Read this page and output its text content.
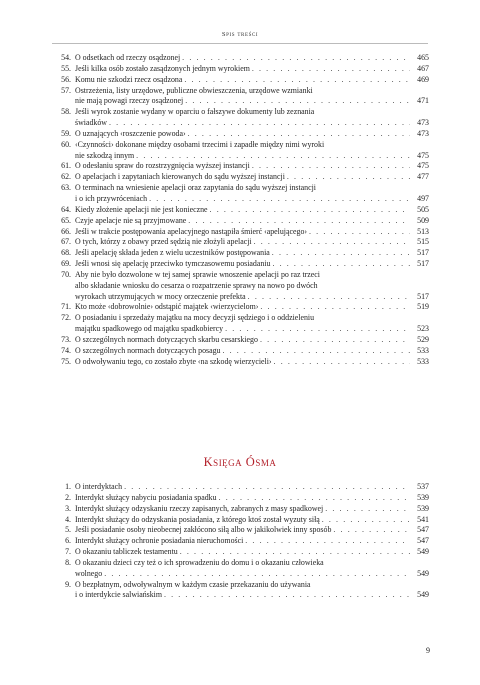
Spis treści
54. O odsetkach od rzeczy osądzonej . . .	465
55. Jeśli kilka osób zostało zasądzonych jednym wyrokiem . . .	467
56. Komu nie szkodzi rzecz osądzona . . .	469
57. Ostrzeżenia, listy urzędowe, publiczne obwieszczenia, urzędowe wzmianki
nie mają powagi rzeczy osądzonej . . .	471
58. Jeśli wyrok zostanie wydany w oparciu o fałszywe dokumenty lub zeznania
świadków . . .	473
59. O uznających ‹roszczenie powoda› . . .	473
60. ‹Czynności› dokonane między osobami trzecimi i zapadłe między nimi wyroki
nie szkodzą innym . . .	475
61. O odesłaniu spraw do rozstrzygnięcia wyższej instancji . . .	475
62. O apelacjach i zapytaniach kierowanych do sądu wyższej instancji . . .	477
63. O terminach na wniesienie apelacji oraz zapytania do sądu wyższej instancji
i o ich przywróceniach . . .	497
64. Kiedy złożenie apelacji nie jest konieczne . . .	505
65. Czyje apelacje nie są przyjmowane . . .	509
66. Jeśli w trakcie postępowania apelacyjnego nastąpiła śmierć ‹apelującego› . . .	513
67. O tych, którzy z obawy przed sędzią nie złożyli apelacji . . .	515
68. Jeśli apelację składa jeden z wielu uczestników postępowania . . .	517
69. Jeśli wnosi się apelację przeciwko tymczasowemu posiadaniu . . .	517
70. Aby nie było dozwolone w tej samej sprawie wnoszenie apelacji po raz trzeci
albo składanie wniosku do cesarza o rozpatrzenie sprawy na nowo po dwóch
wyrokach utrzymujących w mocy orzeczenie prefekta . . .	517
71. Kto może ‹dobrowolnie› odstąpić majątek ‹wierzycielom› . . .	519
72. O posiadaniu i sprzedaży majątku na mocy decyzji sędziego i o oddzieleniu
majątku spadkowego od majątku spadkobiercy . . .	523
73. O szczególnych normach dotyczących skarbu cesarskiego . . .	529
74. O szczególnych normach dotyczących posagu . . .	533
75. O odwoływaniu tego, co zostało zbyte ‹na szkodę wierzycieli› . . .	533
Księga Ósma
1. O interdyktach . . .	537
2. Interdykt służący nabyciu posiadania spadku . . .	539
3. Interdykt służący odzyskaniu rzeczy zapisanych, zabranych z masy spadkowej . . .	539
4. Interdykt służący do odzyskania posiadania, z którego ktoś został wyzuty siłą . . .	541
5. Jeśli posiadanie osoby nieobecnej zakłócono siłą albo w jakikolwiek inny sposób . . .	547
6. Interdykt służący ochronie posiadania nieruchomości . . .	547
7. O okazaniu tabliczek testamentu . . .	549
8. O okazaniu dzieci czy też o ich sprowadzeniu do domu i o okazaniu człowieka
wolnego . . .	549
9. O bezpłatnym, odwoływalnym w każdym czasie przekazaniu do używania
i o interdykcie salwiańskim . . .	549
9
